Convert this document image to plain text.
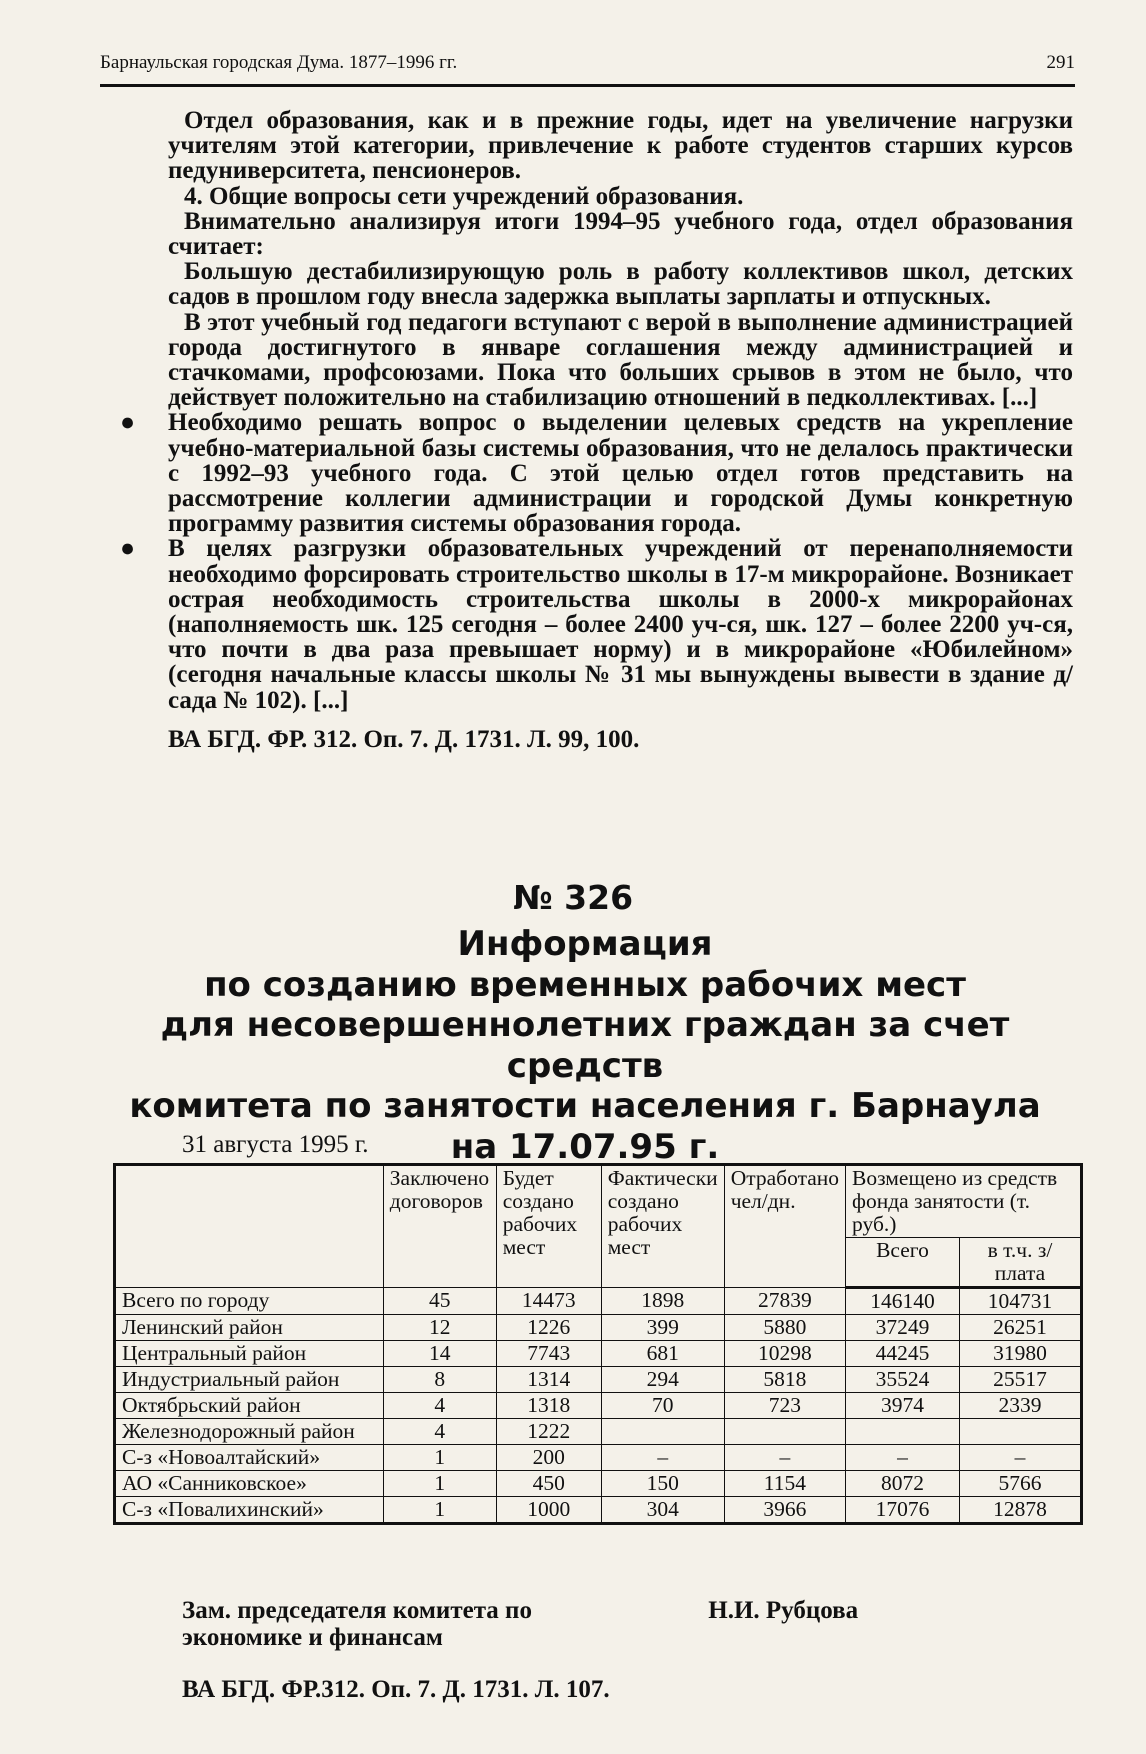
Барнаульская городская Дума. 1877–1996 гг.	291

Отдел образования, как и в прежние годы, идет на увеличение нагрузки учителям этой категории, привлечение к работе студентов старших курсов педуниверситета, пенсионеров.

4. Общие вопросы сети учреждений образования.

Внимательно анализируя итоги 1994–95 учебного года, отдел образования считает:

Большую дестабилизирующую роль в работу коллективов школ, детских садов в прошлом году внесла задержка выплаты зарплаты и отпускных.

В этот учебный год педагоги вступают с верой в выполнение администрацией города достигнутого в январе соглашения между администрацией и стачкомами, профсоюзами. Пока что больших срывов в этом не было, что действует положительно на стабилизацию отношений в педколлективах. [...]

● Необходимо решать вопрос о выделении целевых средств на укрепление учебно-материальной базы системы образования, что не делалось практически с 1992–93 учебного года. С этой целью отдел готов представить на рассмотрение коллегии администрации и городской Думы конкретную программу развития системы образования города.

● В целях разгрузки образовательных учреждений от перенаполняемости необходимо форсировать строительство школы в 17-м микрорайоне. Возникает острая необходимость строительства школы в 2000-х микрорайонах (наполняемость шк. 125 сегодня – более 2400 уч-ся, шк. 127 – более 2200 уч-ся, что почти в два раза превышает норму) и в микрорайоне «Юбилейном» (сегодня начальные классы школы № 31 мы вынуждены вывести в здание д/сада № 102). [...]

ВА БГД. ФР. 312. Оп. 7. Д. 1731. Л. 99, 100.

№ 326
Информация
по созданию временных рабочих мест
для несовершеннолетних граждан за счет средств
комитета по занятости населения г. Барнаула
на 17.07.95 г.
31 августа 1995 г.
	Заключено договоров	Будет создано рабочих мест	Фактически создано рабочих мест	Отработано чел/дн.	Возмещено из средств фонда занятости (т. руб.)	
					Всего	в т.ч. з/плата
Всего по городу	45	14473	1898	27839	146140	104731
Ленинский район	12	1226	399	5880	37249	26251
Центральный район	14	7743	681	10298	44245	31980
Индустриальный район	8	1314	294	5818	35524	25517
Октябрьский район	4	1318	70	723	3974	2339
Железнодорожный район	4	1222				
С-з «Новоалтайский»	1	200	–	–	–	–
АО «Санниковское»	1	450	150	1154	8072	5766
С-з «Повалихинский»	1	1000	304	3966	17076	12878
Зам. председателя комитета по
экономике и финансам Н.И. Рубцова
ВА БГД. ФР.312. Оп. 7. Д. 1731. Л. 107.
